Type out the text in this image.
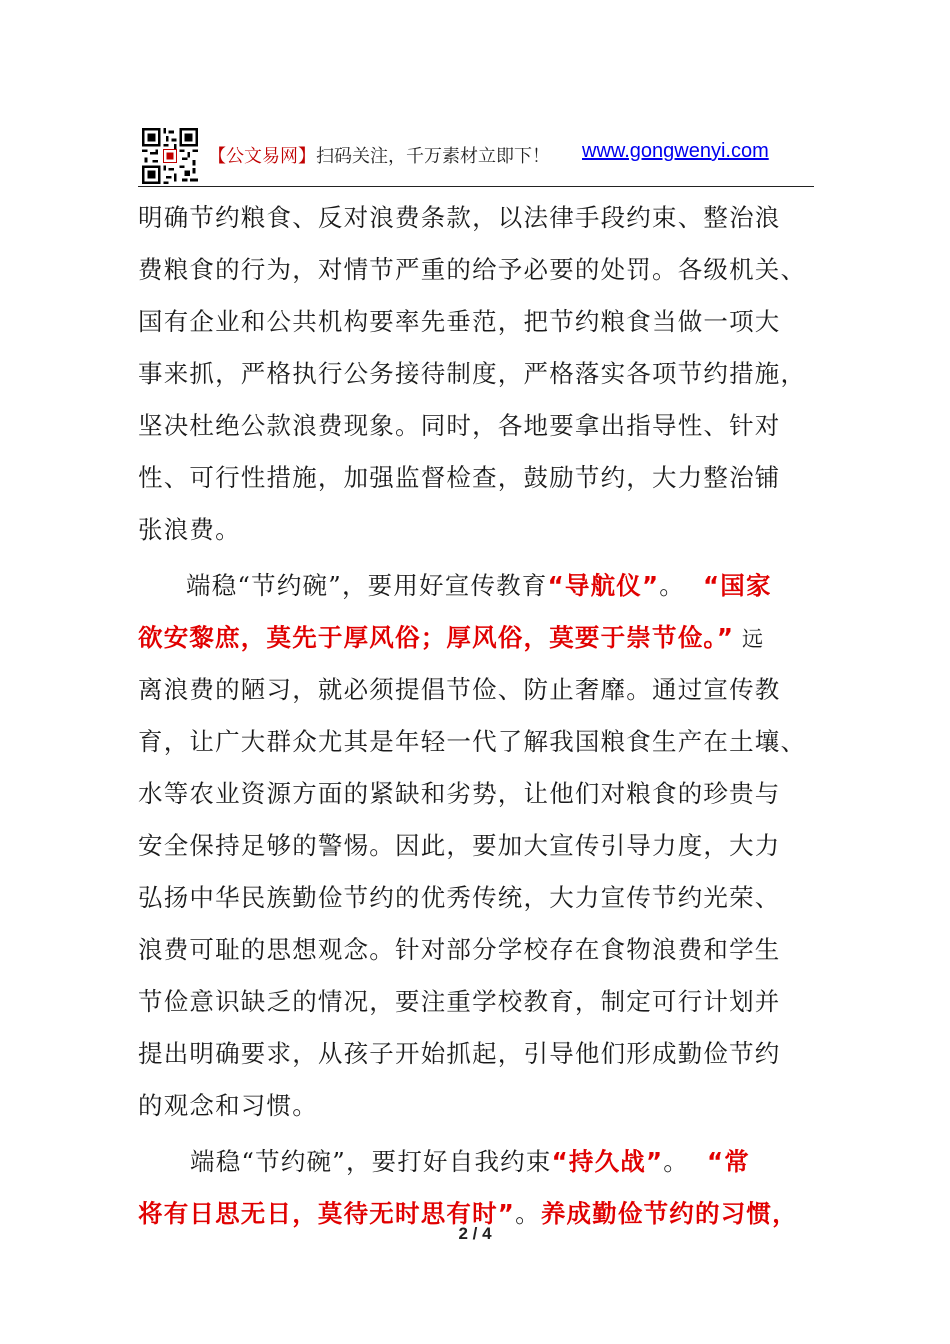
【公文易网】 扫码关注，千万素材立即下！ www.gongwenyi.com
明确节约粮食、反对浪费条款，以法律手段约束、整治浪
费粮食的行为，对情节严重的给予必要的处罚。各级机关、
国有企业和公共机构要率先垂范，把节约粮食当做一项大
事来抓，严格执行公务接待制度，严格落实各项节约措施，
坚决杜绝公款浪费现象。同时，各地要拿出指导性、针对
性、可行性措施，加强监督检查，鼓励节约，大力整治铺
张浪费。
端稳“节约碗”，要用好宣传教育“导航仪”。 “国家
欲安黎庶，莫先于厚风俗；厚风俗，莫要于崇节俭。” 远
离浪费的陋习，就必须提倡节俭、防止奢靡。通过宣传教
育，让广大群众尤其是年轻一代了解我国粮食生产在土壤、
水等农业资源方面的紧缺和劣势，让他们对粮食的珍贵与
安全保持足够的警惕。因此，要加大宣传引导力度，大力
弘扬中华民族勤俭节约的优秀传统，大力宣传节约光荣、
浪费可耻的思想观念。针对部分学校存在食物浪费和学生
节俭意识缺乏的情况，要注重学校教育，制定可行计划并
提出明确要求，从孩子开始抓起，引导他们形成勤俭节约
的观念和习惯。
端稳“节约碗”，要打好自我约束“持久战”。 “常
将有日思无日，莫待无时思有时”。养成勤俭节约的习惯，
2 / 4
